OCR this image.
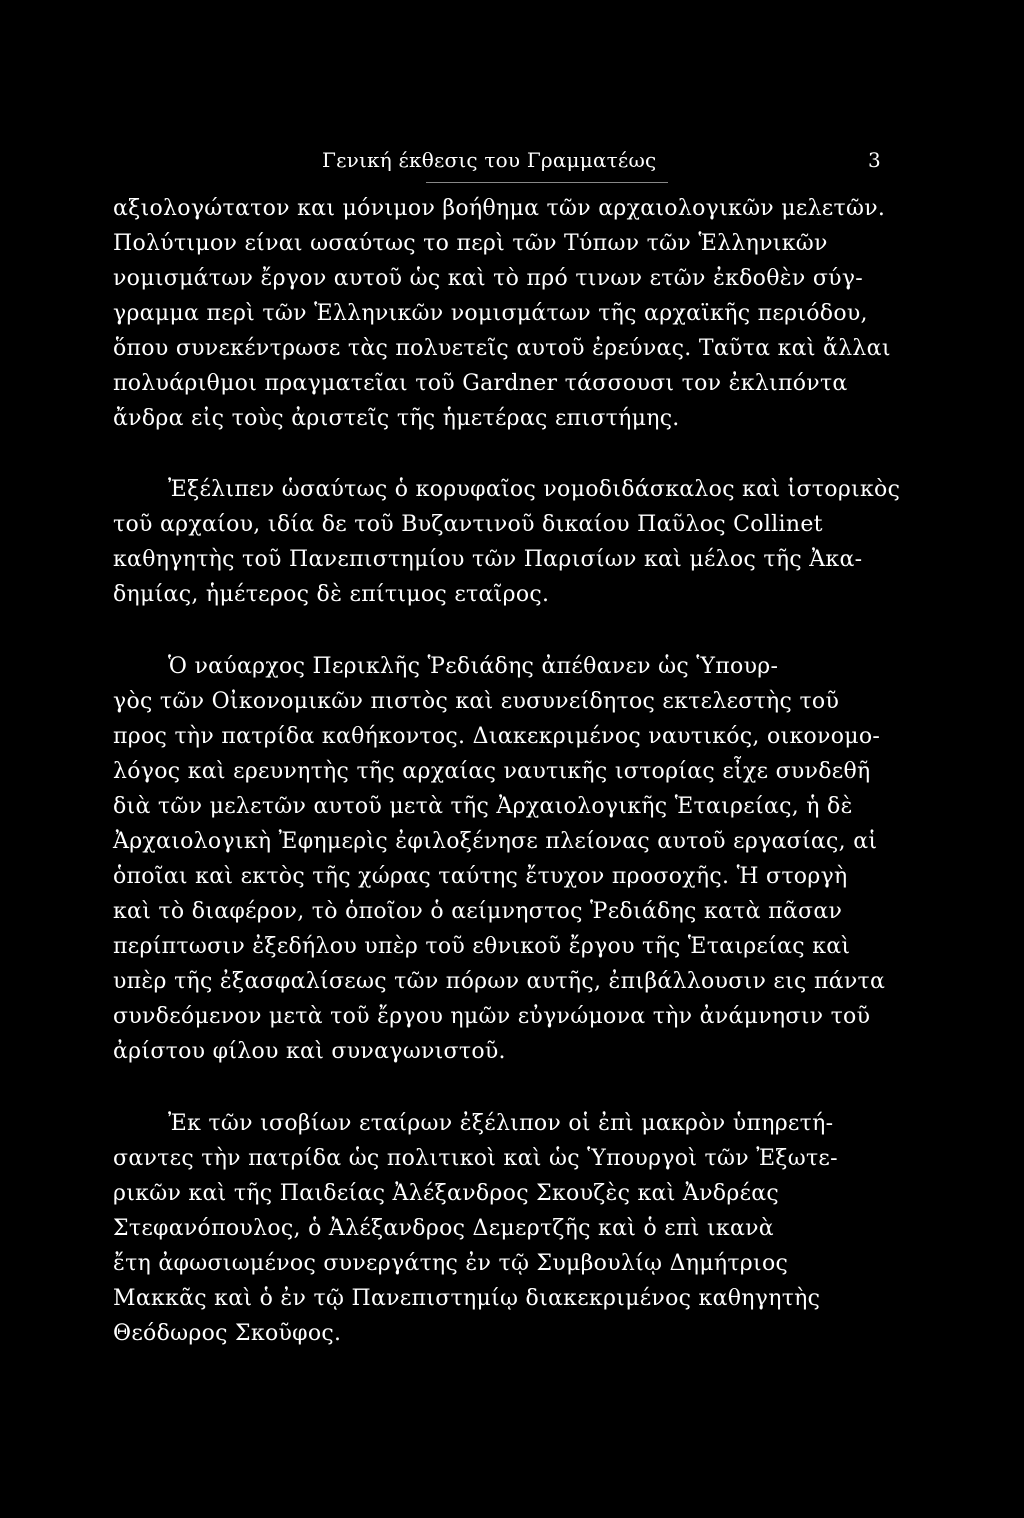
Γενική έκθεσις του Γραμματέως	3
αξιολογώτατον και μόνιμον βοήθημα τῶν αρχαιολογικῶν μελετῶν.
Πολύτιμον είναι ωσαύτως το περὶ τῶν Τύπων τῶν Ἑλληνικῶν
νομισμάτων ἔργον αυτοῦ ὡς καὶ τὸ πρό τινων ετῶν ἐκδοθὲν σύγ-
γραμμα περὶ τῶν Ἑλληνικῶν νομισμάτων τῆς αρχαϊκῆς περιόδου,
ὅπου συνεκέντρωσε τὰς πολυετεῖς αυτοῦ ἐρεύνας. Ταῦτα καὶ ἄλλαι
πολυάριθμοι πραγματεῖαι τοῦ Gardner τάσσουσι τον ἐκλιπόντα
ἄνδρα εἰς τοὺς ἀριστεῖς τῆς ἡμετέρας επιστήμης.
Ἐξέλιπεν ὡσαύτως ὁ κορυφαῖος νομοδιδάσκαλος καὶ ἱστορικὸς
τοῦ αρχαίου, ιδία δε τοῦ Βυζαντινοῦ δικαίου Παῦλος Collinet
καθηγητὴς τοῦ Πανεπιστημίου τῶν Παρισίων καὶ μέλος τῆς Ἀκα-
δημίας, ἡμέτερος δὲ επίτιμος εταῖρος.
Ὁ ναύαρχος Περικλῆς Ῥεδιάδης ἀπέθανεν ὡς Ὑπουρ-
γὸς τῶν Οἰκονομικῶν πιστὸς καὶ ευσυνείδητος εκτελεστὴς τοῦ
προς τὴν πατρίδα καθήκοντος. Διακεκριμένος ναυτικός, οικονομο-
λόγος καὶ ερευνητὴς τῆς αρχαίας ναυτικῆς ιστορίας εἶχε συνδεθῆ
διὰ τῶν μελετῶν αυτοῦ μετὰ τῆς Ἀρχαιολογικῆς Ἑταιρείας, ἡ δὲ
Ἀρχαιολογικὴ Ἐφημερὶς ἐφιλοξένησε πλείονας αυτοῦ εργασίας, αἱ
ὁποῖαι καὶ εκτὸς τῆς χώρας ταύτης ἔτυχον προσοχῆς. Ἡ στοργὴ
καὶ τὸ διαφέρον, τὸ ὁποῖον ὁ αείμνηστος Ῥεδιάδης κατὰ πᾶσαν
περίπτωσιν ἐξεδήλου υπὲρ τοῦ εθνικοῦ ἔργου τῆς Ἑταιρείας καὶ
υπὲρ τῆς ἐξασφαλίσεως τῶν πόρων αυτῆς, ἐπιβάλλουσιν εις πάντα
συνδεόμενον μετὰ τοῦ ἔργου ημῶν εὐγνώμονα τὴν ἀνάμνησιν τοῦ
ἀρίστου φίλου καὶ συναγωνιστοῦ.
Ἐκ τῶν ισοβίων εταίρων ἐξέλιπον οἱ ἐπὶ μακρὸν ὑπηρετή-
σαντες τὴν πατρίδα ὡς πολιτικοὶ καὶ ὡς Ὑπουργοὶ τῶν Ἐξωτε-
ρικῶν καὶ τῆς Παιδείας Ἀλέξανδρος Σκουζὲς καὶ Ἀνδρέας
Στεφανόπουλος, ὁ Ἀλέξανδρος Δεμερτζῆς καὶ ὁ επὶ ικανὰ
ἔτη ἀφωσιωμένος συνεργάτης ἐν τῷ Συμβουλίῳ Δημήτριος
Μακκᾶς καὶ ὁ ἐν τῷ Πανεπιστημίῳ διακεκριμένος καθηγητὴς
Θεόδωρος Σκοῦφος.
